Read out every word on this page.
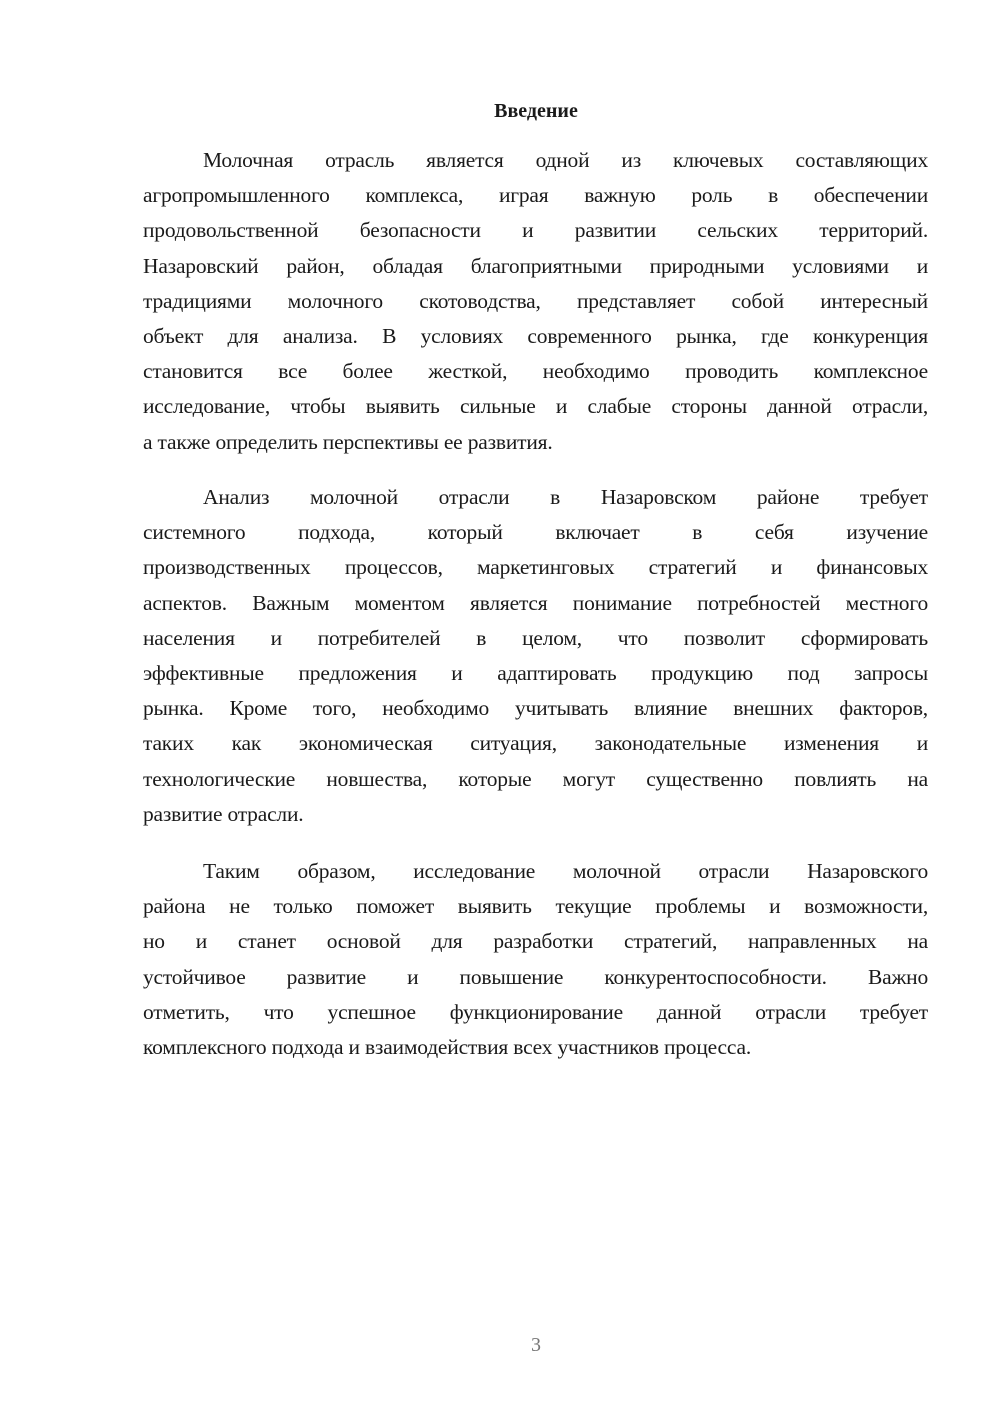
Введение
Молочная отрасль является одной из ключевых составляющих
агропромышленного комплекса, играя важную роль в обеспечении
продовольственной безопасности и развитии сельских территорий.
Назаровский район, обладая благоприятными природными условиями и
традициями молочного скотоводства, представляет собой интересный
объект для анализа. В условиях современного рынка, где конкуренция
становится все более жесткой, необходимо проводить комплексное
исследование, чтобы выявить сильные и слабые стороны данной отрасли,
а также определить перспективы ее развития.
Анализ молочной отрасли в Назаровском районе требует
системного подхода, который включает в себя изучение
производственных процессов, маркетинговых стратегий и финансовых
аспектов. Важным моментом является понимание потребностей местного
населения и потребителей в целом, что позволит сформировать
эффективные предложения и адаптировать продукцию под запросы
рынка. Кроме того, необходимо учитывать влияние внешних факторов,
таких как экономическая ситуация, законодательные изменения и
технологические новшества, которые могут существенно повлиять на
развитие отрасли.
Таким образом, исследование молочной отрасли Назаровского
района не только поможет выявить текущие проблемы и возможности,
но и станет основой для разработки стратегий, направленных на
устойчивое развитие и повышение конкурентоспособности. Важно
отметить, что успешное функционирование данной отрасли требует
комплексного подхода и взаимодействия всех участников процесса.
3
